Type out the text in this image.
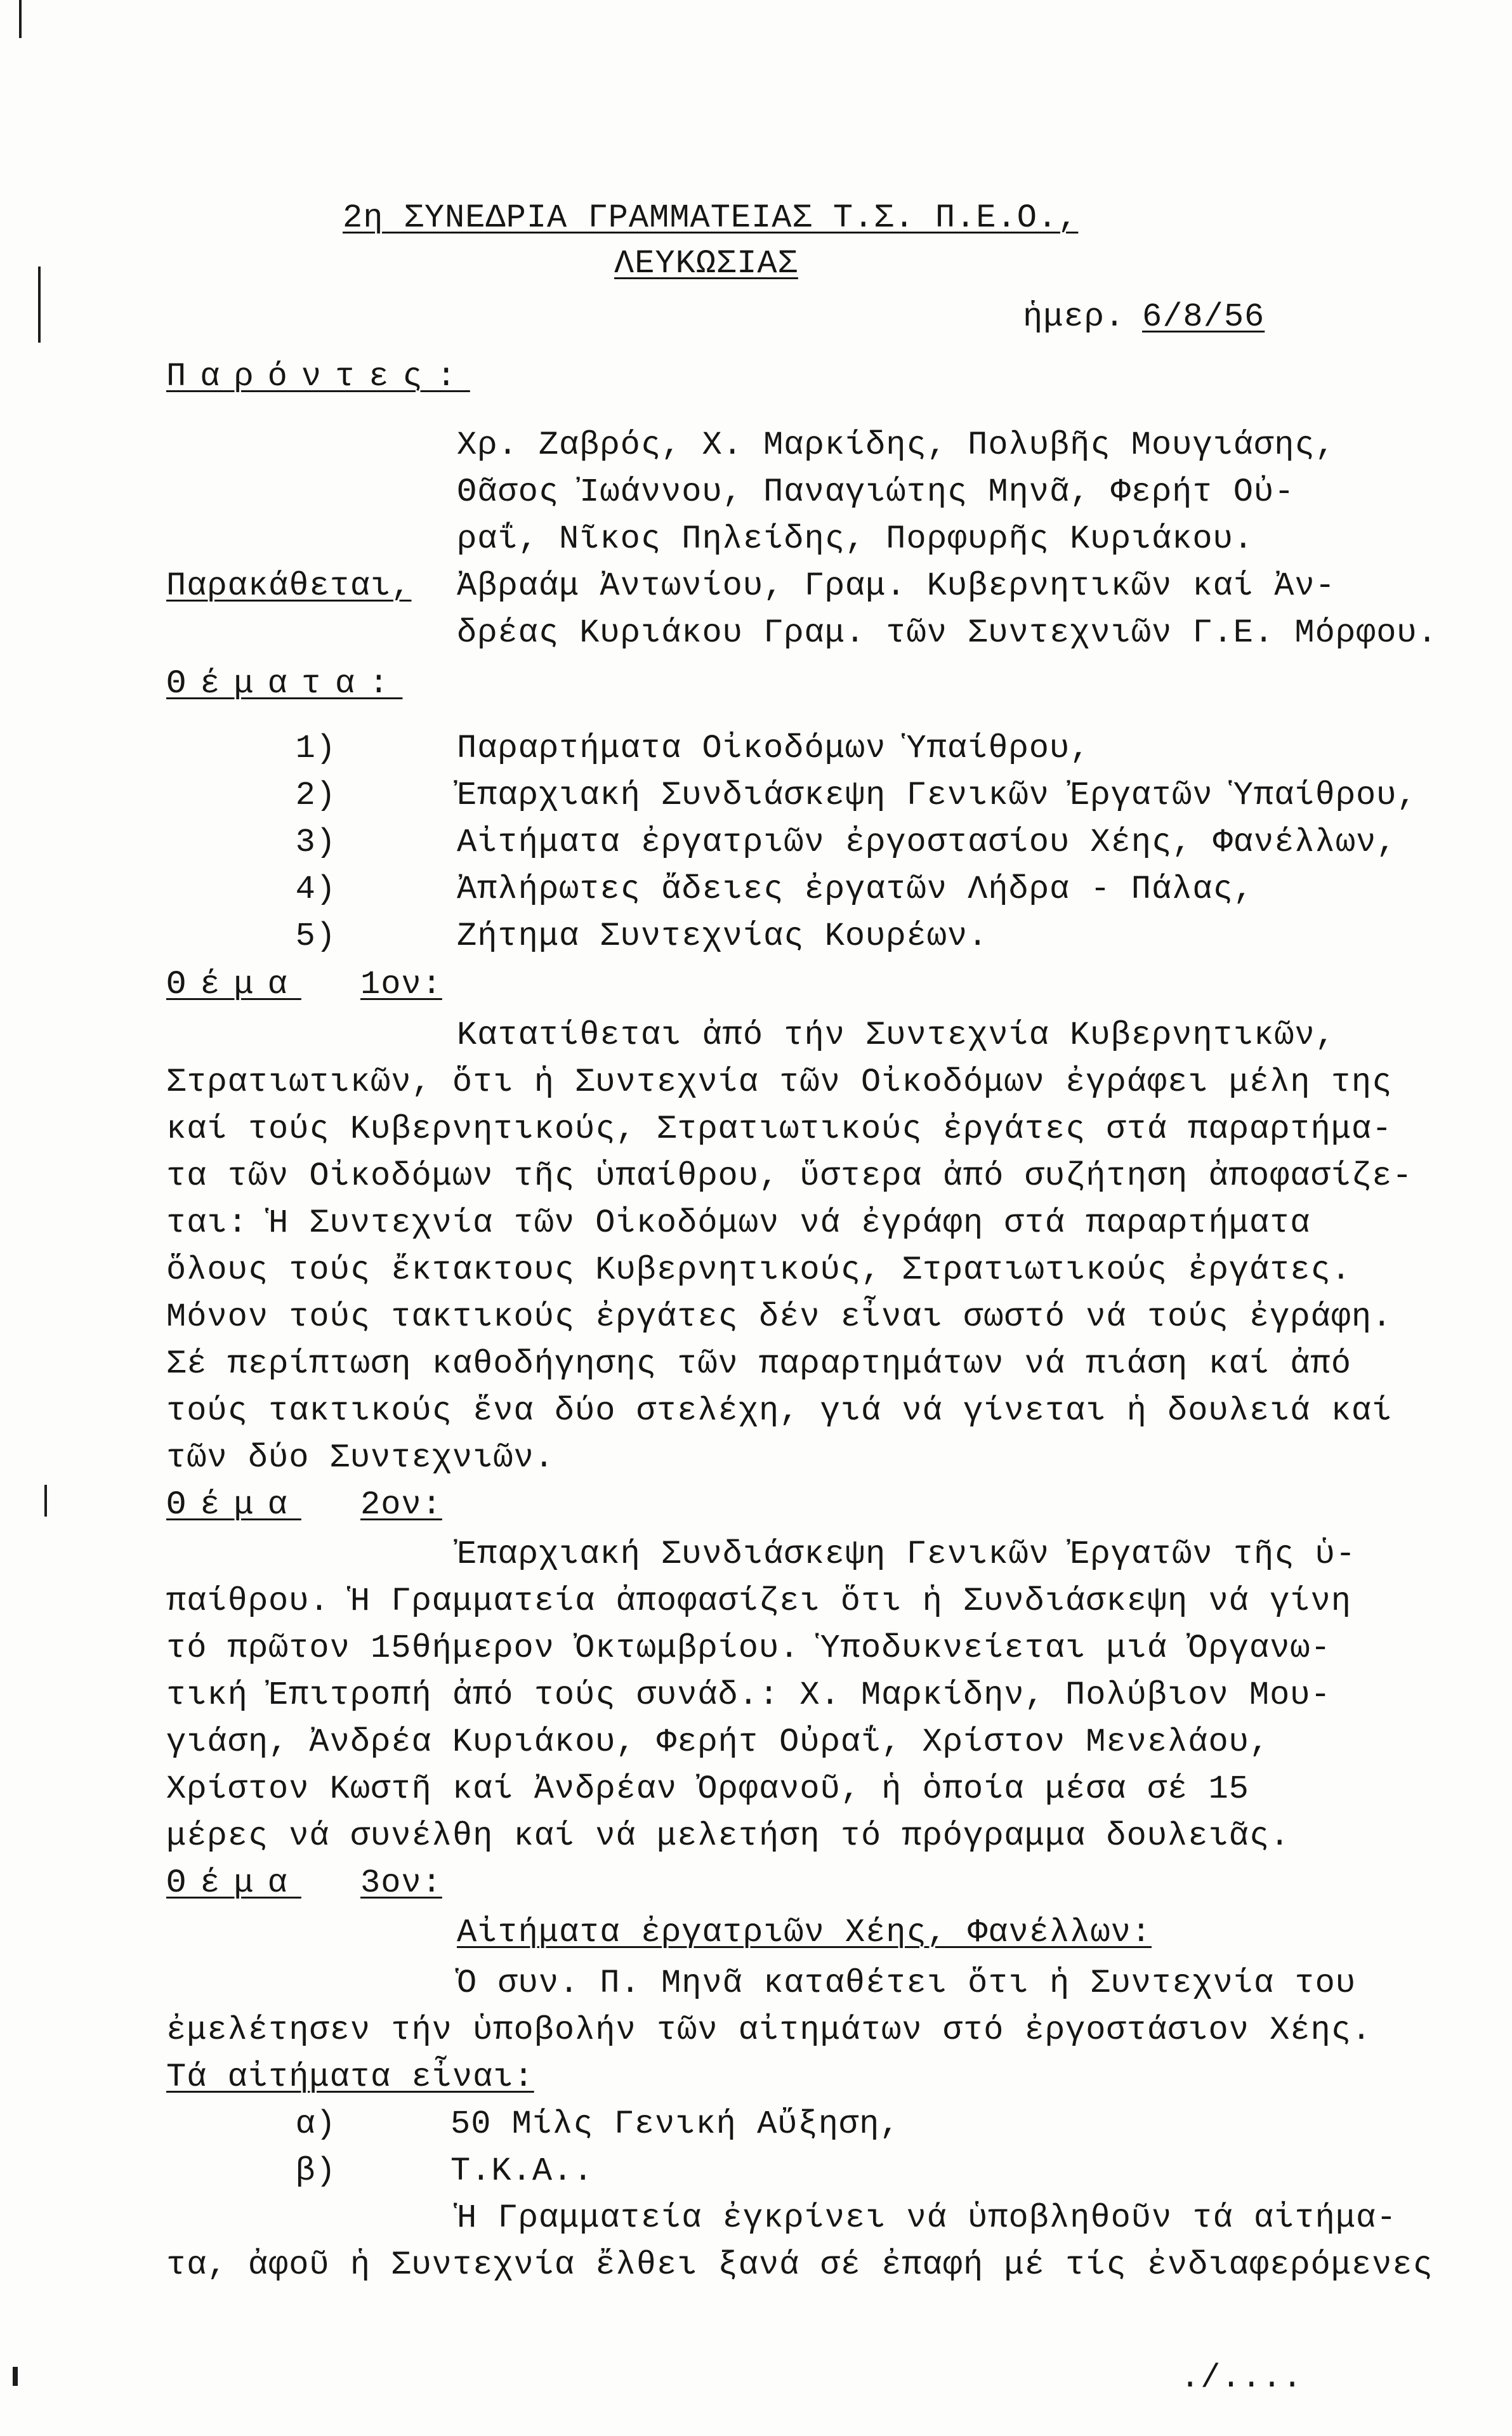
2η ΣΥΝΕΔΡΙΑ ΓΡΑΜΜΑΤΕΙΑΣ Τ.Σ. Π.Ε.Ο.,
ΛΕΥΚΩΣΙΑΣ
ἡμερ. 6/8/56
Παρόντες:
Χρ. Ζαβρός, Χ. Μαρκίδης, Πολυβῆς Μουγιάσης,
Θᾶσος Ἰωάννου, Παναγιώτης Μηνᾶ, Φερήτ Οὐ-
ραΐ, Νῖκος Πηλείδης, Πορφυρῆς Κυριάκου.
Παρακάθεται, Ἀβραάμ Ἀντωνίου, Γραμ. Κυβερνητικῶν καί Ἀν-
δρέας Κυριάκου Γραμ. τῶν Συντεχνιῶν Γ.Ε. Μόρφου.
Θέματα:
1)	Παραρτήματα Οἰκοδόμων Ὑπαίθρου,
2)	Ἐπαρχιακή Συνδιάσκεψη Γενικῶν Ἐργατῶν Ὑπαίθρου,
3)	Αἰτήματα ἐργατριῶν ἐργοστασίου Χέης, Φανέλλων,
4)	Ἀπλήρωτες ἄδειες ἐργατῶν Λήδρα - Πάλας,
5)	Ζήτημα Συντεχνίας Κουρέων.
Θέμα 1ον:
Κατατίθεται ἀπό τήν Συντεχνία Κυβερνητικῶν,
Στρατιωτικῶν, ὅτι ἡ Συντεχνία τῶν Οἰκοδόμων ἐγράφει μέλη της
καί τούς Κυβερνητικούς, Στρατιωτικούς ἐργάτες στά παραρτήμα-
τα τῶν Οἰκοδόμων τῆς ὑπαίθρου, ὕστερα ἀπό συζήτηση ἀποφασίζε-
ται: Ἡ Συντεχνία τῶν Οἰκοδόμων νά ἐγράφη στά παραρτήματα
ὅλους τούς ἔκτακτους Κυβερνητικούς, Στρατιωτικούς ἐργάτες.
Μόνον τούς τακτικούς ἐργάτες δέν εἶναι σωστό νά τούς ἐγράφη.
Σέ περίπτωση καθοδήγησης τῶν παραρτημάτων νά πιάση καί ἀπό
τούς τακτικούς ἕνα δύο στελέχη, γιά νά γίνεται ἡ δουλειά καί
τῶν δύο Συντεχνιῶν.
Θέμα 2ον:
Ἐπαρχιακή Συνδιάσκεψη Γενικῶν Ἐργατῶν τῆς ὑ-
παίθρου. Ἡ Γραμματεία ἀποφασίζει ὅτι ἡ Συνδιάσκεψη νά γίνη
τό πρῶτον 15θήμερον Ὀκτωμβρίου. Ὑποδυκνείεται μιά Ὀργανω-
τική Ἐπιτροπή ἀπό τούς συνάδ.: Χ. Μαρκίδην, Πολύβιον Μου-
γιάση, Ἀνδρέα Κυριάκου, Φερήτ Οὐραΐ, Χρίστον Μενελάου,
Χρίστον Κωστῆ καί Ἀνδρέαν Ὀρφανοῦ, ἡ ὁποία μέσα σέ 15
μέρες νά συνέλθη καί νά μελετήση τό πρόγραμμα δουλειᾶς.
Θέμα 3ον:
Αἰτήματα ἐργατριῶν Χέης, Φανέλλων:
Ὁ συν. Π. Μηνᾶ καταθέτει ὅτι ἡ Συντεχνία του
ἐμελέτησεν τήν ὑποβολήν τῶν αἰτημάτων στό ἐργοστάσιον Χέης.
Τά αἰτήματα εἶναι:
α)	50 Μίλς Γενική Αὔξηση,
β)	Τ.Κ.Α..
Ἡ Γραμματεία ἐγκρίνει νά ὑποβληθοῦν τά αἰτήμα-
τα, ἀφοῦ ἡ Συντεχνία ἔλθει ξανά σέ ἐπαφή μέ τίς ἐνδιαφερόμενες
./....
